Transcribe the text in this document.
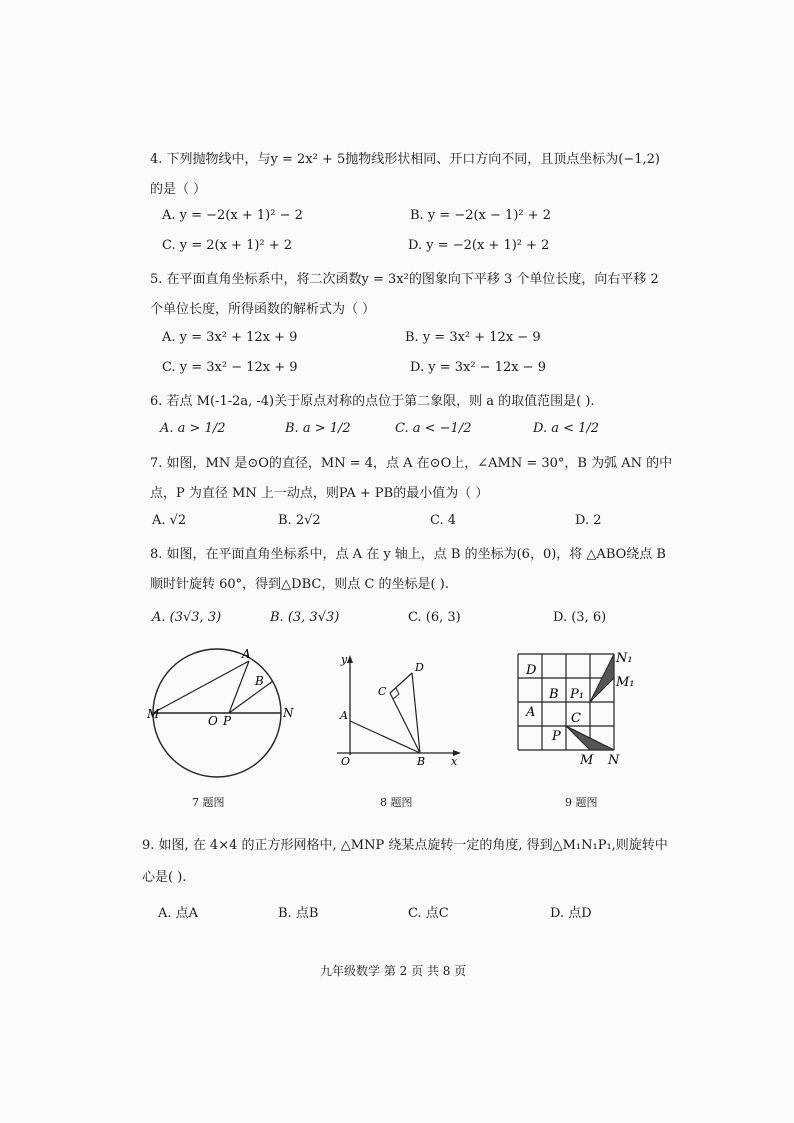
4. 下列抛物线中，与y = 2x² + 5抛物线形状相同、开口方向不同，且顶点坐标为(−1,2)
的是（ ）
A. y = −2(x + 1)² − 2	B. y = −2(x − 1)² + 2
C. y = 2(x + 1)² + 2	D. y = −2(x + 1)² + 2
5. 在平面直角坐标系中，将二次函数y = 3x²的图象向下平移 3 个单位长度，向右平移 2
个单位长度，所得函数的解析式为（ ）
A. y = 3x² + 12x + 9	B. y = 3x² + 12x − 9
C. y = 3x² − 12x + 9	D. y = 3x² − 12x − 9
6. 若点 M(-1-2a, -4)关于原点对称的点位于第二象限，则 a 的取值范围是( ).
A. a > 1/2	B. a > 1/2	C. a < −1/2	D. a < 1/2
7. 如图，MN 是⊙O的直径，MN = 4，点 A 在⊙O上，∠AMN = 30°，B 为弧 AN 的中
点，P 为直径 MN 上一动点，则PA + PB的最小值为（ ）
A. √2	B. 2√2	C. 4	D. 2
8. 如图，在平面直角坐标系中，点 A 在 y 轴上，点 B 的坐标为(6，0)，将 △ABO绕点 B
顺时针旋转 60°，得到△DBC，则点 C 的坐标是( ).
A. (3√3, 3)	B. (3, 3√3)	C. (6, 3)	D. (3, 6)
M	O P
N
A
B
7 题图
y
D
C
A
O	B x
8 题图
D
B P₁
A	C
P
M N
N₁
M₁
9 题图
9. 如图, 在 4×4 的正方形网格中, △MNP 绕某点旋转一定的角度, 得到△M₁N₁P₁,则旋转中
心是( ).
A. 点A	B. 点B	C. 点C	D. 点D
九年级数学 第 2 页 共 8 页
